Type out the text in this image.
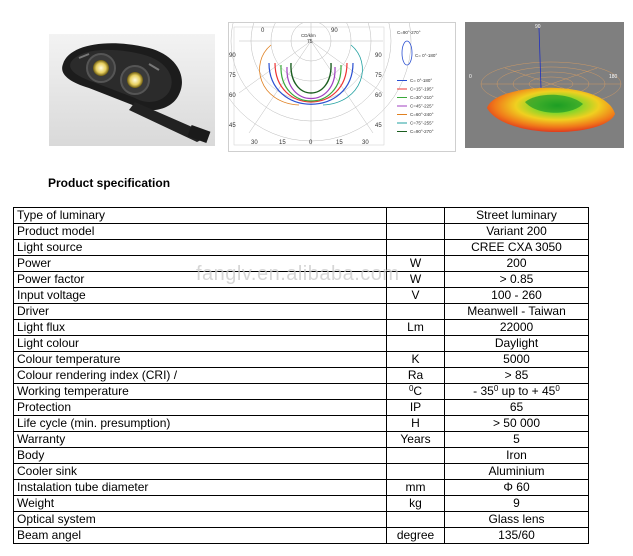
0	90
CD/klm
75
90
75
60
45
90
75
60
45
30	15	0	15	30
C=90°-270°
C= 0°-180°
C= 0°-180°
C=15°-195°
C=30°-210°
C=45°-225°
C=60°-240°
C=75°-255°
C=90°-270°
90
0	180
Product specification
Type of luminary		Street luminary
Product model		Variant 200
Light source		CREE CXA 3050
Power	W	200
Power factor	W	> 0.85
Input voltage	V	100 - 260
Driver		Meanwell - Taiwan
Light flux	Lm	22000
Light colour		Daylight
Colour temperature	K	5000
Colour rendering index (CRI) /	Ra	> 85
Working temperature	$^0$C	- $35^0$ up to + $45^0$
Protection	IP	65
Life cycle (min. presumption)	H	> 50 000
Warranty	Years	5
Body		Iron
Cooler sink		Aluminium
Instalation tube diameter	mm	Φ 60
Weight	kg	9
Optical system		Glass lens
Beam angel	degree	135/60
fanglv.en.alibaba.com
